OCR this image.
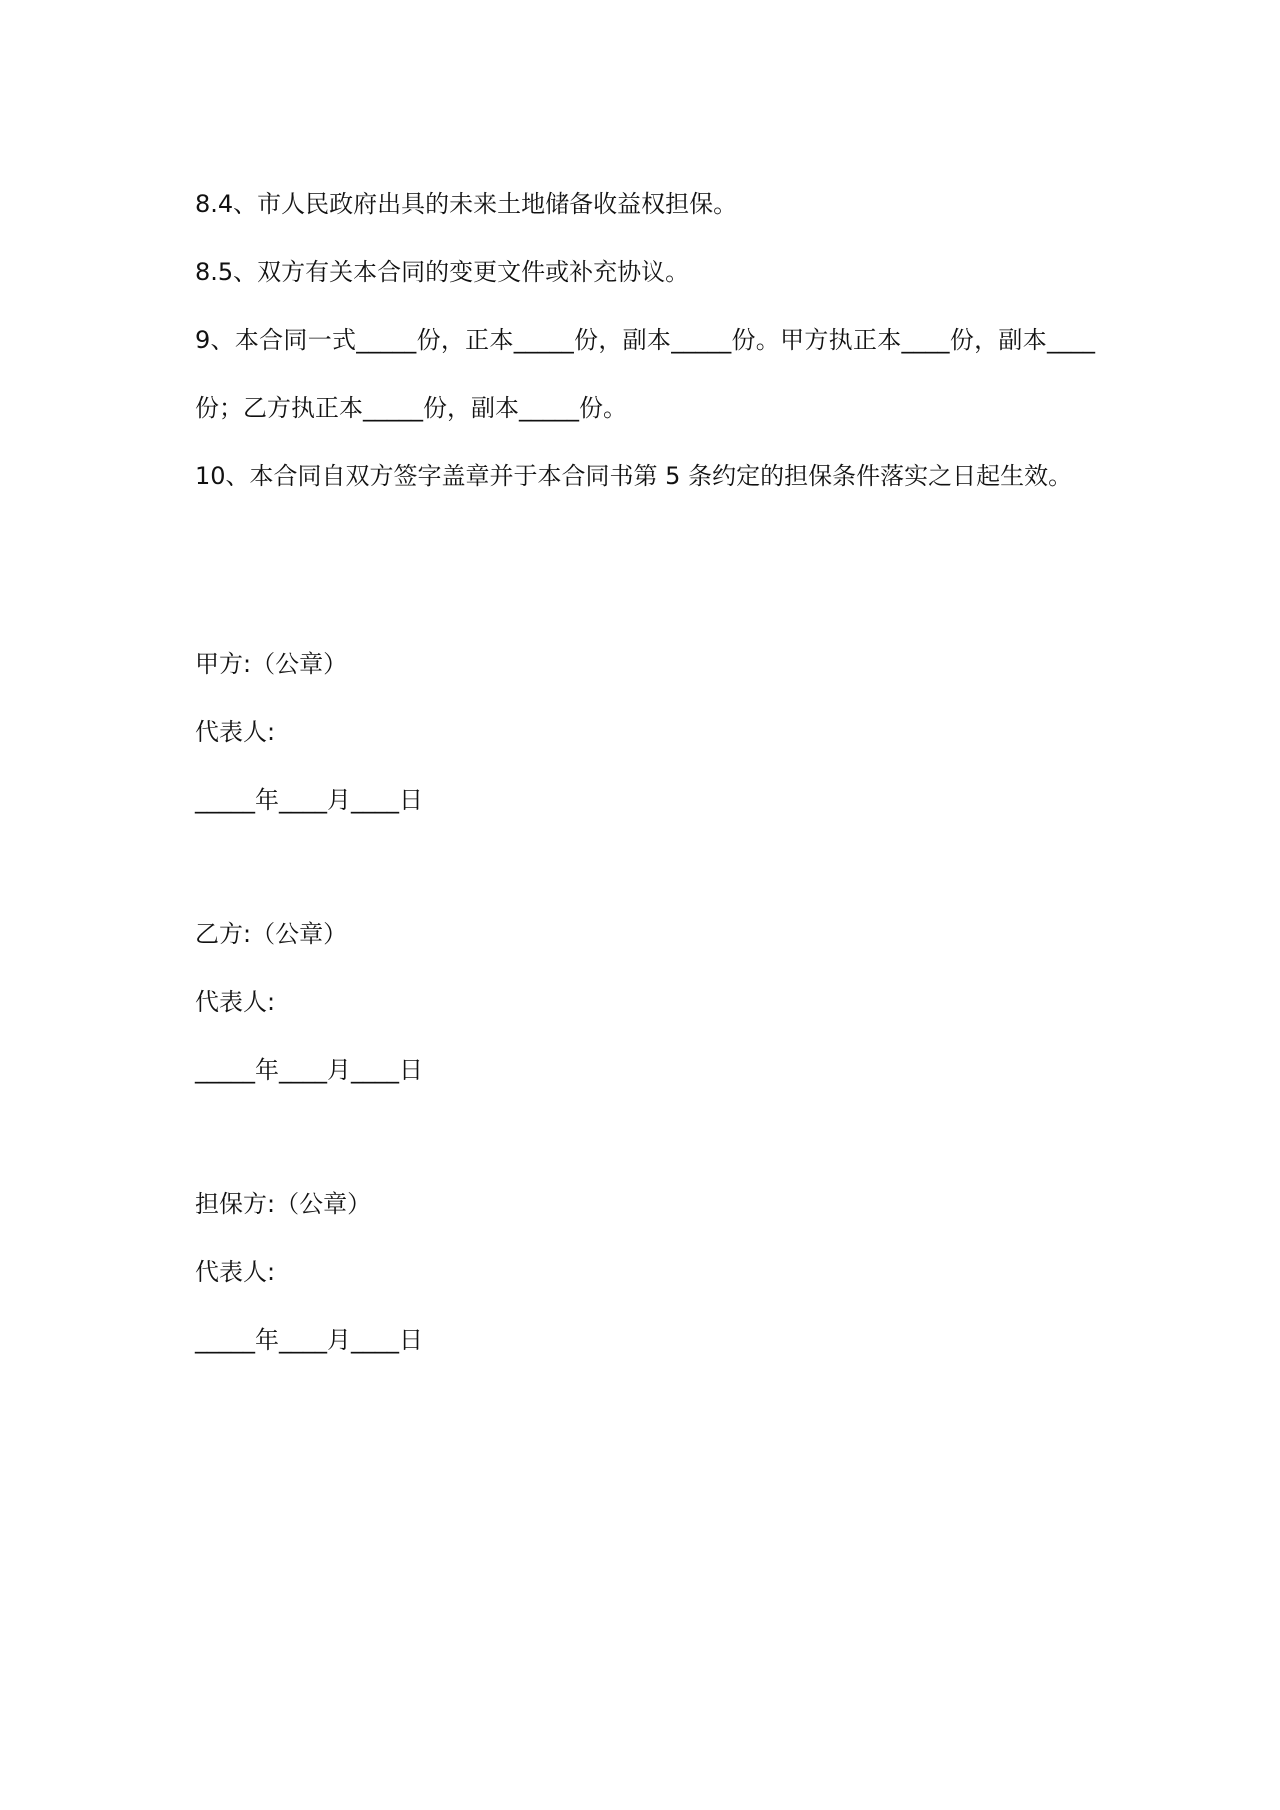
8.4、市人民政府出具的未来土地储备收益权担保。

8.5、双方有关本合同的变更文件或补充协议。

9、本合同一式_____份，正本_____份，副本_____份。甲方执正本____份，副本____份；乙方执正本_____份，副本_____份。

10、本合同自双方签字盖章并于本合同书第 5 条约定的担保条件落实之日起生效。

甲方:（公章）

代表人:

_____年____月____日

乙方:（公章）

代表人:

_____年____月____日

担保方:（公章）

代表人:

_____年____月____日
